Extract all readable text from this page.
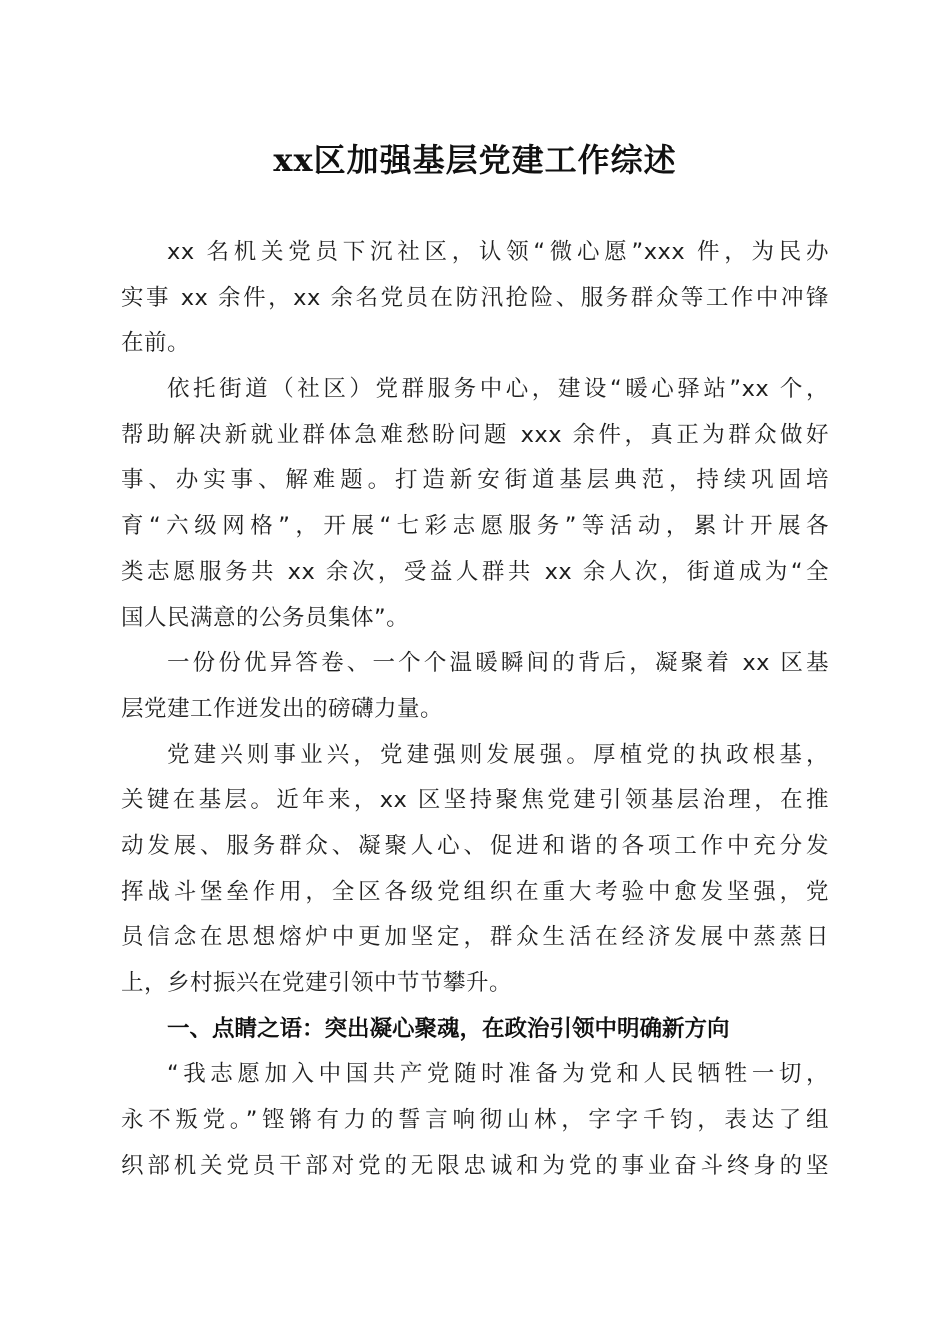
xx区加强基层党建工作综述
xx 名机关党员下沉社区，认领“微心愿”xxx 件，为民办
实事 xx 余件，xx 余名党员在防汛抢险、服务群众等工作中冲锋
在前。
依托街道（社区）党群服务中心，建设“暖心驿站”xx 个，
帮助解决新就业群体急难愁盼问题 xxx 余件，真正为群众做好
事、办实事、解难题。打造新安街道基层典范，持续巩固培
育“六级网格”，开展“七彩志愿服务”等活动，累计开展各
类志愿服务共 xx 余次，受益人群共 xx 余人次，街道成为“全
国人民满意的公务员集体”。
一份份优异答卷、一个个温暖瞬间的背后，凝聚着 xx 区基
层党建工作迸发出的磅礴力量。
党建兴则事业兴，党建强则发展强。厚植党的执政根基，
关键在基层。近年来，xx 区坚持聚焦党建引领基层治理，在推
动发展、服务群众、凝聚人心、促进和谐的各项工作中充分发
挥战斗堡垒作用，全区各级党组织在重大考验中愈发坚强，党
员信念在思想熔炉中更加坚定，群众生活在经济发展中蒸蒸日
上，乡村振兴在党建引领中节节攀升。
一、点睛之语：突出凝心聚魂，在政治引领中明确新方向
“我志愿加入中国共产党随时准备为党和人民牺牲一切，
永不叛党。”铿锵有力的誓言响彻山林，字字千钧，表达了组
织部机关党员干部对党的无限忠诚和为党的事业奋斗终身的坚
